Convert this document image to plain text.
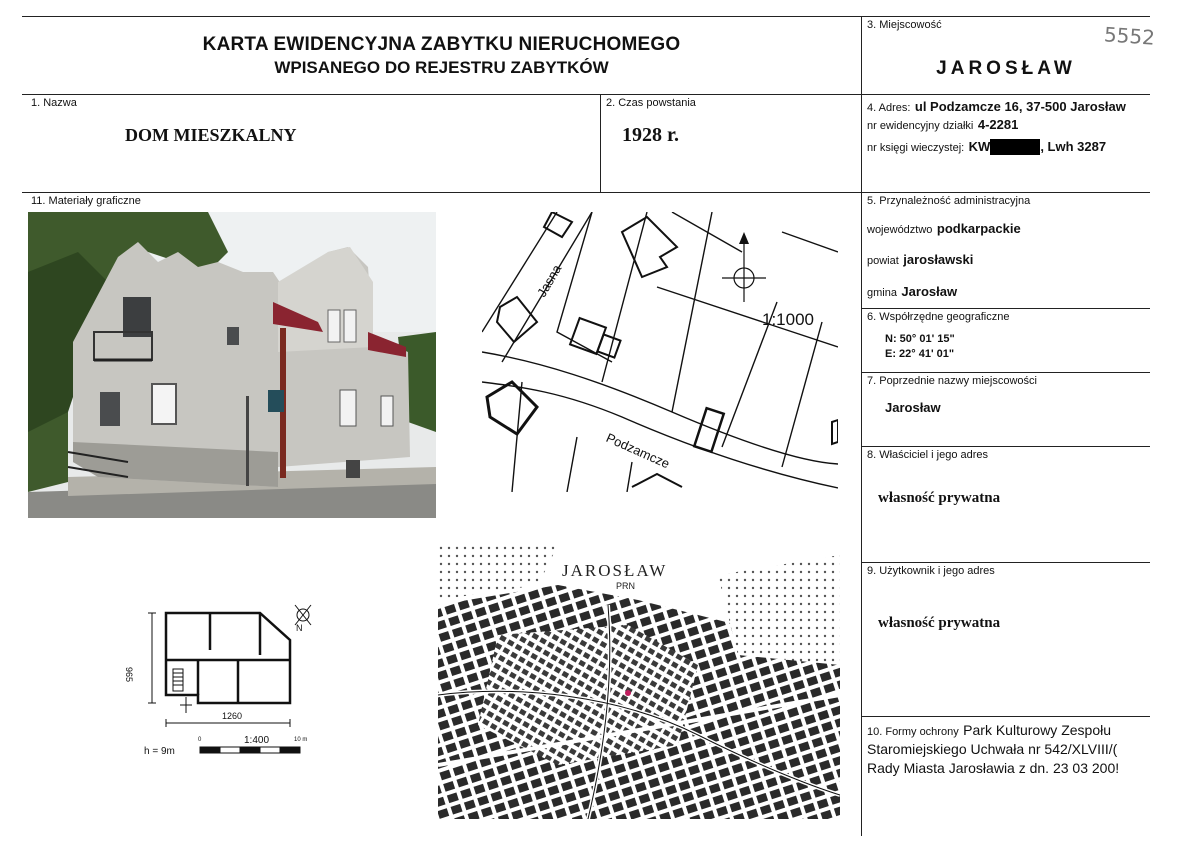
KARTA EWIDENCYJNA ZABYTKU NIERUCHOMEGO
WPISANEGO DO REJESTRU ZABYTKÓW
3. Miejscowość	5552
JAROSŁAW
1. Nazwa
DOM MIESZKALNY
2. Czas powstania
1928 r.
4. Adres: ul Podzamcze 16, 37-500 Jarosław
nr ewidencyjny działki 4-2281
nr księgi wieczystej: KW	, Lwh 3287
11. Materiały graficzne
1:1000
Jasna
Podzamcze
965
1260
1:400
h = 9m
N
0	10 m
JAROSŁAW
PRN
5. Przynależność administracyjna
województwo podkarpackie
powiat jarosławski
gmina Jarosław
6. Współrzędne geograficzne
N: 50° 01' 15"
E: 22° 41' 01"
7. Poprzednie nazwy miejscowości
Jarosław
8. Właściciel i jego adres
własność prywatna
9. Użytkownik i jego adres
własność prywatna
10. Formy ochrony Park Kulturowy Zespołu
Staromiejskiego Uchwała nr 542/XLVIII/(
Rady Miasta Jarosławia z dn. 23 03 200!
